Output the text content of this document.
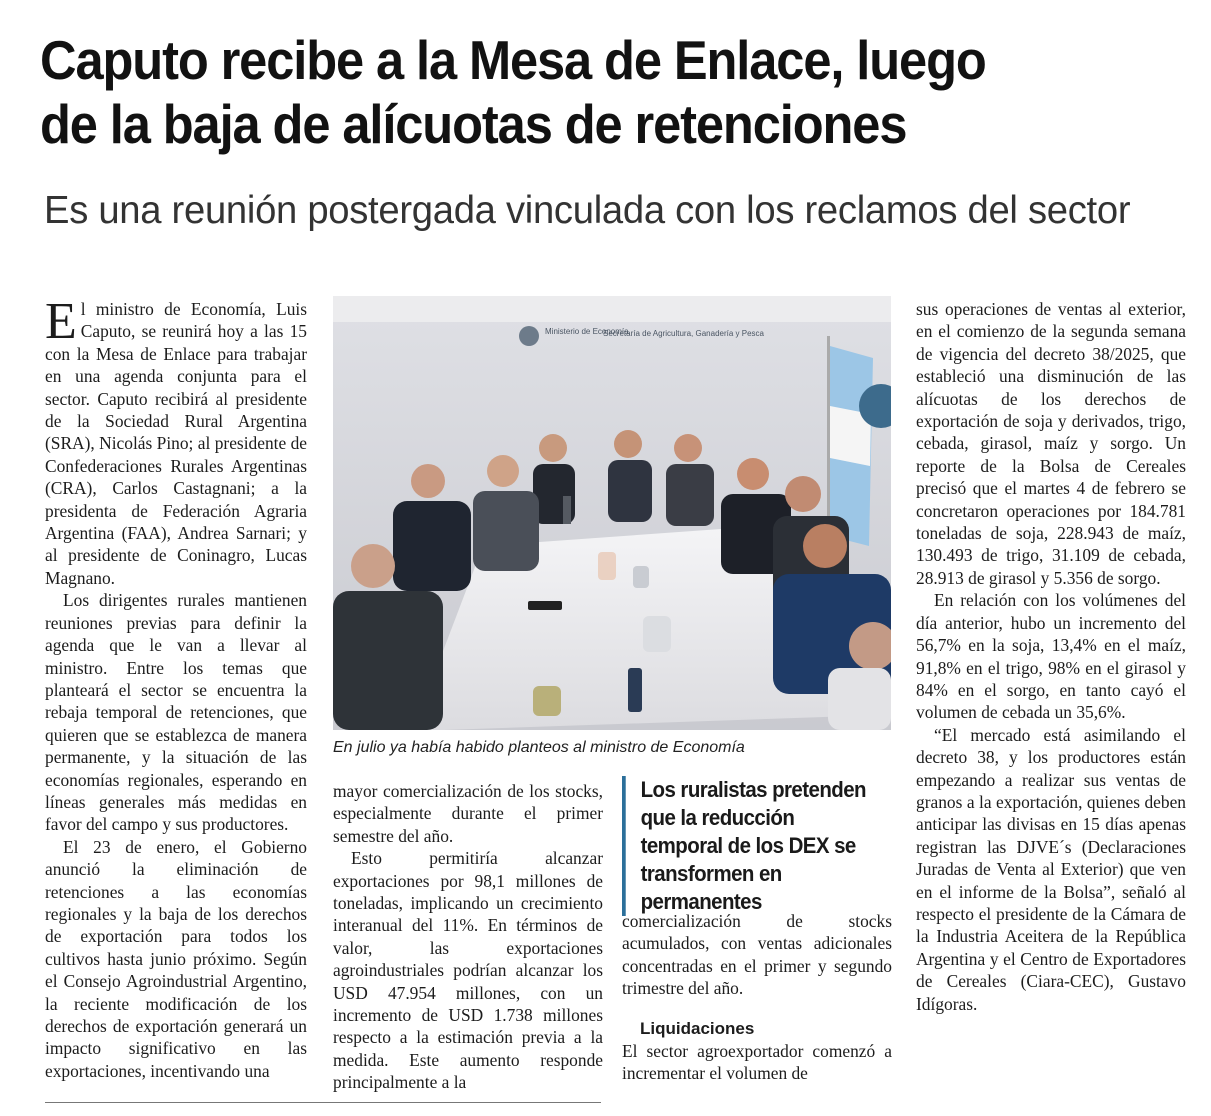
Caputo recibe a la Mesa de Enlace, luego
de la baja de alícuotas de retenciones
Es una reunión postergada vinculada con los reclamos del sector

El ministro de Economía, Luis Caputo, se reunirá hoy a las 15 con la Mesa de Enlace para trabajar en una agenda conjunta para el sector. Caputo recibirá al presidente de la Sociedad Rural Argentina (SRA), Nicolás Pino; al presidente de Confederaciones Rurales Argentinas (CRA), Carlos Castagnani; a la presidenta de Federación Agraria Argentina (FAA), Andrea Sarnari; y al presidente de Coninagro, Lucas Magnano.

Los dirigentes rurales mantienen reuniones previas para definir la agenda que le van a llevar al ministro. Entre los temas que planteará el sector se encuentra la rebaja temporal de retenciones, que quieren que se establezca de manera permanente, y la situación de las economías regionales, esperando en líneas generales más medidas en favor del campo y sus productores.

El 23 de enero, el Gobierno anunció la eliminación de retenciones a las economías regionales y la baja de los derechos de exportación para todos los cultivos hasta junio próximo. Según el Consejo Agroindustrial Argentino, la reciente modificación de los derechos de exportación generará un impacto significativo en las exportaciones, incentivando una

Ministerio de Economía
Secretaría de Agricultura, Ganadería y Pesca
En julio ya había habido planteos al ministro de Economía

mayor comercialización de los stocks, especialmente durante el primer semestre del año.

Esto permitiría alcanzar exportaciones por 98,1 millones de toneladas, implicando un crecimiento interanual del 11%. En términos de valor, las exportaciones agroindustriales podrían alcanzar los USD 47.954 millones, con un incremento de USD 1.738 millones respecto a la estimación previa a la medida. Este aumento responde principalmente a la

Los ruralistas pretenden que la reducción temporal de los DEX se transformen en permanentes

comercialización de stocks acumulados, con ventas adicionales concentradas en el primer y segundo trimestre del año.

Liquidaciones

El sector agroexportador comenzó a incrementar el volumen de

sus operaciones de ventas al exterior, en el comienzo de la segunda semana de vigencia del decreto 38/2025, que estableció una disminución de las alícuotas de los derechos de exportación de soja y derivados, trigo, cebada, girasol, maíz y sorgo. Un reporte de la Bolsa de Cereales precisó que el martes 4 de febrero se concretaron operaciones por 184.781 toneladas de soja, 228.943 de maíz, 130.493 de trigo, 31.109 de cebada, 28.913 de girasol y 5.356 de sorgo.

En relación con los volúmenes del día anterior, hubo un incremento del 56,7% en la soja, 13,4% en el maíz, 91,8% en el trigo, 98% en el girasol y 84% en el sorgo, en tanto cayó el volumen de cebada un 35,6%.

“El mercado está asimilando el decreto 38, y los productores están empezando a realizar sus ventas de granos a la exportación, quienes deben anticipar las divisas en 15 días apenas registran las DJVE´s (Declaraciones Juradas de Venta al Exterior) que ven en el informe de la Bolsa”, señaló al respecto el presidente de la Cámara de la Industria Aceitera de la República Argentina y el Centro de Exportadores de Cereales (Ciara-CEC), Gustavo Idígoras.
